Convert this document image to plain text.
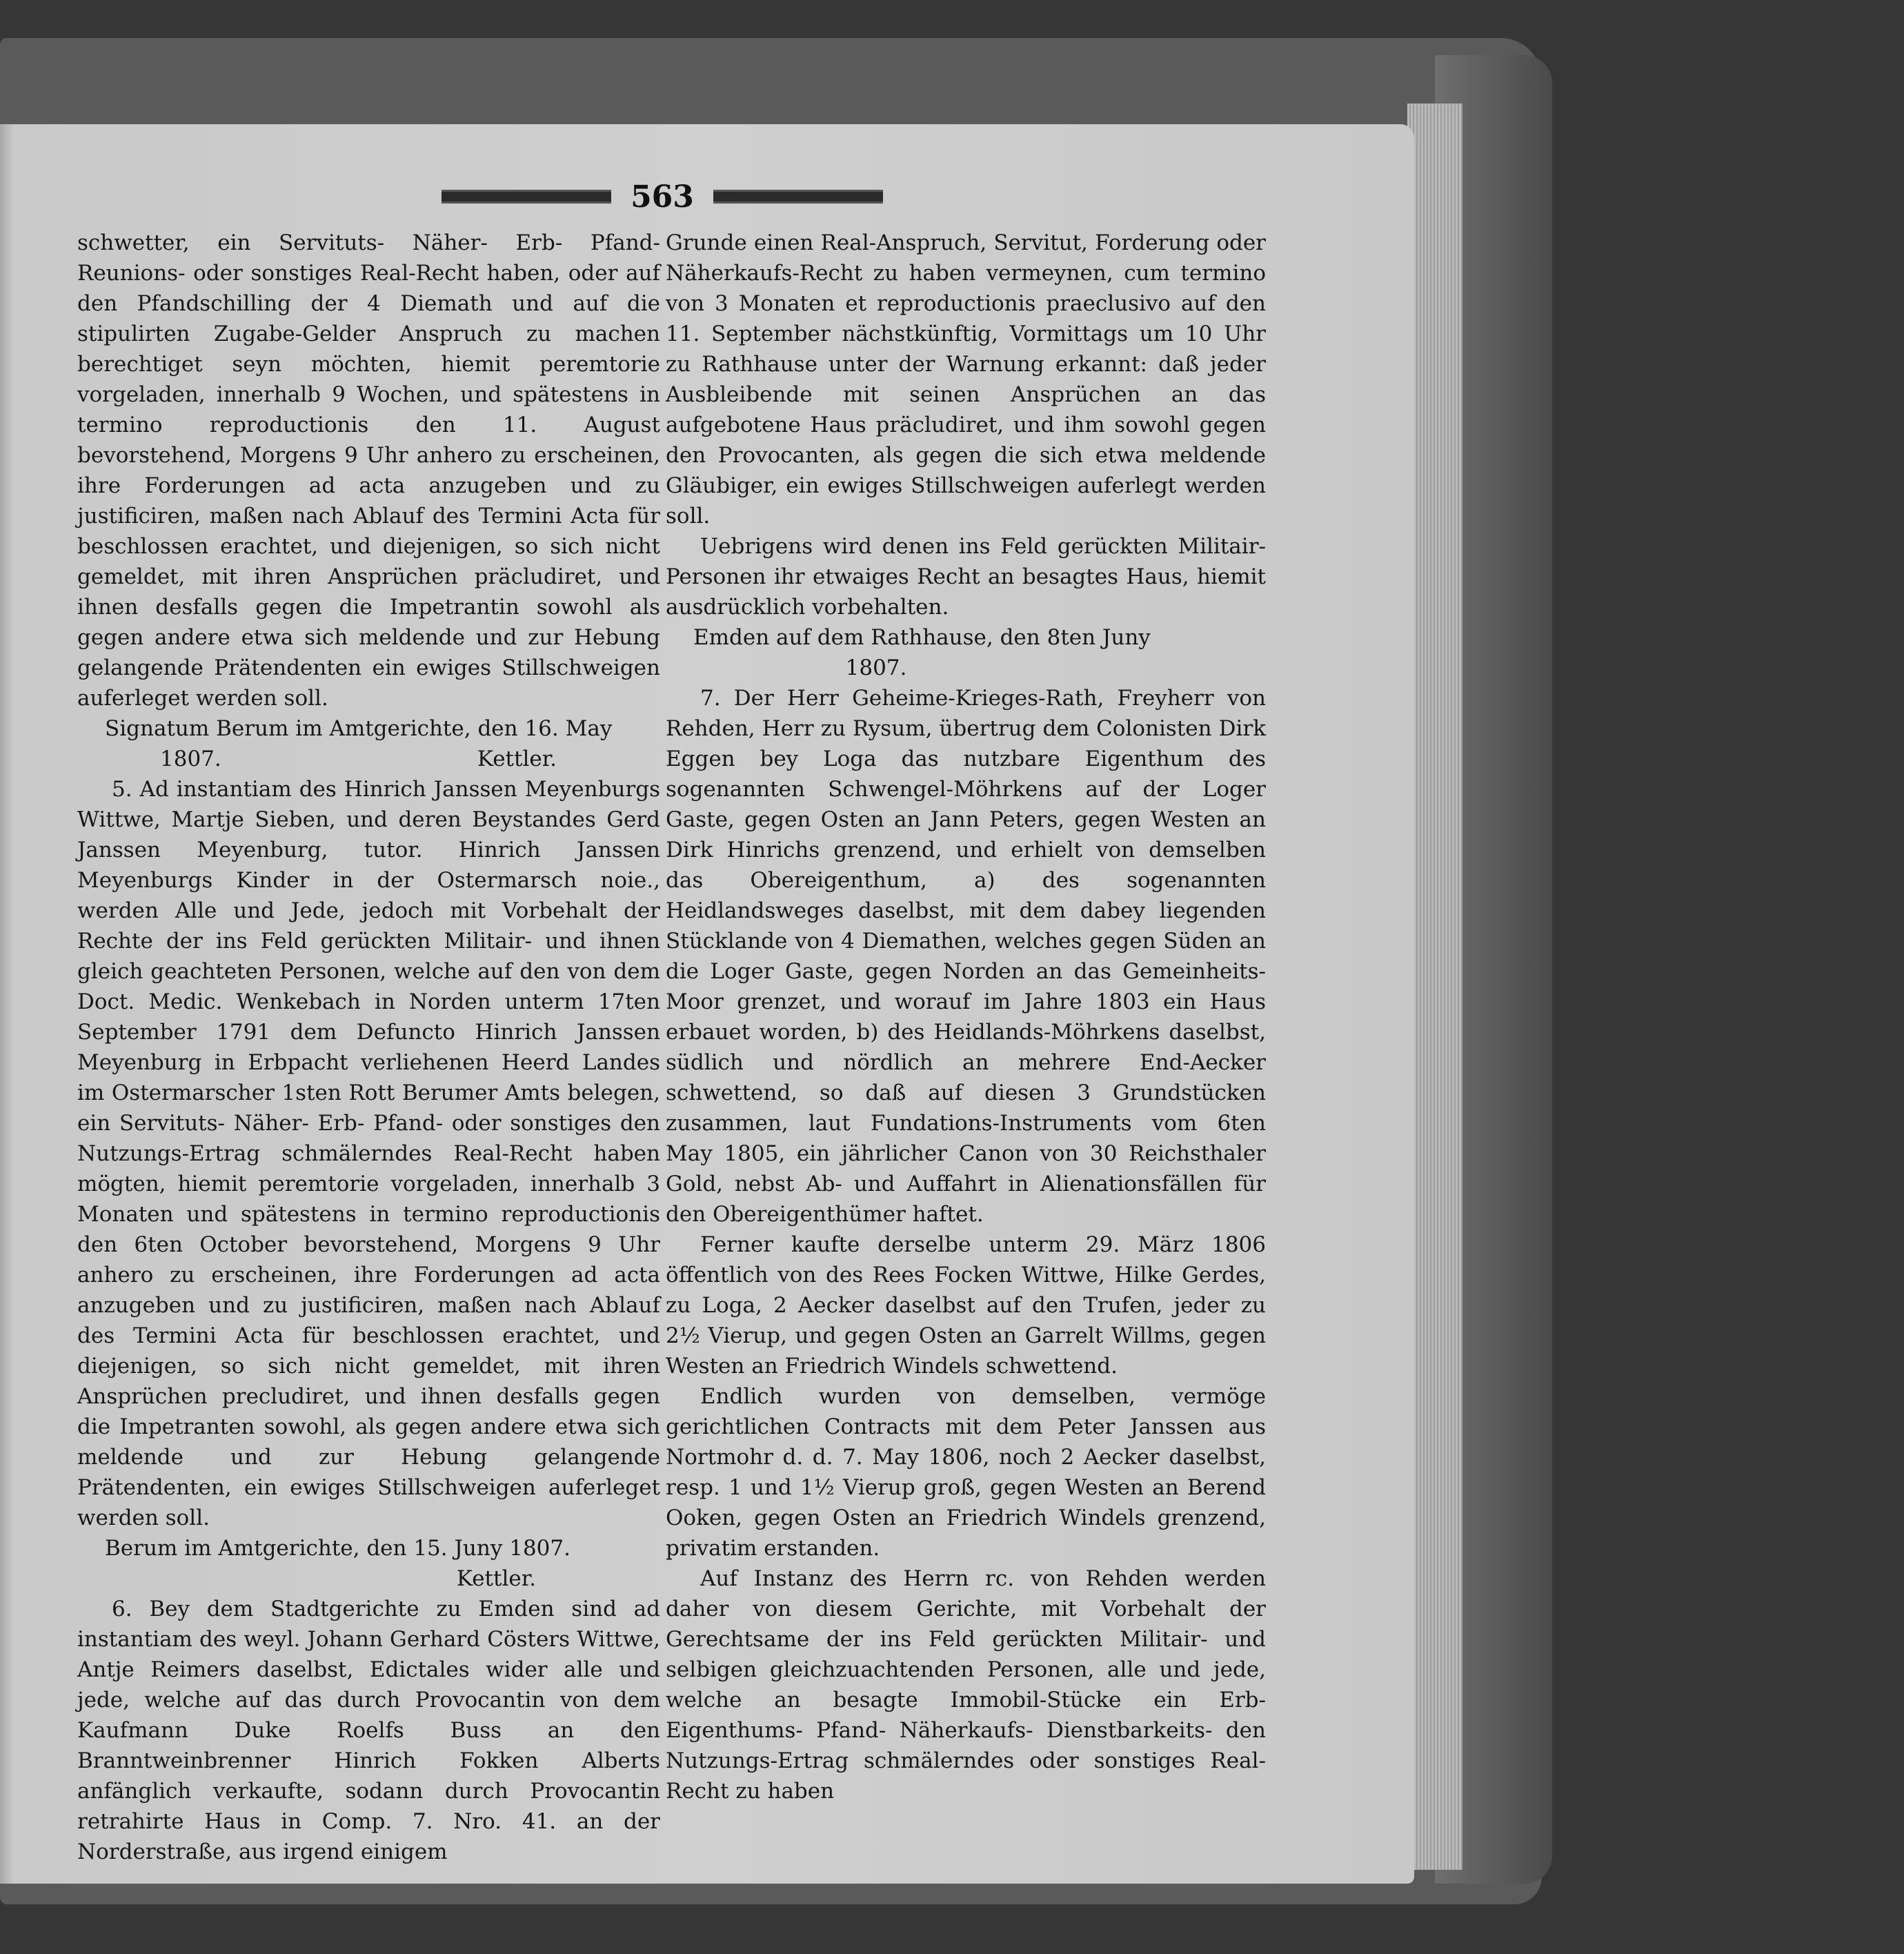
563

schwetter, ein Servituts- Näher- Erb- Pfand- Reunions- oder sonstiges Real-Recht haben, oder auf den Pfandschilling der 4 Diemath und auf die stipulirten Zugabe-Gelder Anspruch zu machen berechtiget seyn möchten, hiemit peremtorie vorgeladen, innerhalb 9 Wochen, und spätestens in termino reproductionis den 11. August bevorstehend, Morgens 9 Uhr anhero zu erscheinen, ihre Forderungen ad acta anzugeben und zu justificiren, maßen nach Ablauf des Termini Acta für beschlossen erachtet, und diejenigen, so sich nicht gemeldet, mit ihren Ansprüchen präcludiret, und ihnen desfalls gegen die Impetrantin sowohl als gegen andere etwa sich meldende und zur Hebung gelangende Prätendenten ein ewiges Stillschweigen auferleget werden soll.

Signatum Berum im Amtgerichte, den 16. May

1807.	Kettler.

5. Ad instantiam des Hinrich Janssen Meyenburgs Wittwe, Martje Sieben, und deren Beystandes Gerd Janssen Meyenburg, tutor. Hinrich Janssen Meyenburgs Kinder in der Ostermarsch noie., werden Alle und Jede, jedoch mit Vorbehalt der Rechte der ins Feld gerückten Militair- und ihnen gleich geachteten Personen, welche auf den von dem Doct. Medic. Wenkebach in Norden unterm 17ten September 1791 dem Defuncto Hinrich Janssen Meyenburg in Erbpacht verliehenen Heerd Landes im Ostermarscher 1sten Rott Berumer Amts belegen, ein Servituts- Näher- Erb- Pfand- oder sonstiges den Nutzungs-Ertrag schmälerndes Real-Recht haben mögten, hiemit peremtorie vorgeladen, innerhalb 3 Monaten und spätestens in termino reproductionis den 6ten October bevorstehend, Morgens 9 Uhr anhero zu erscheinen, ihre Forderungen ad acta anzugeben und zu justificiren, maßen nach Ablauf des Termini Acta für beschlossen erachtet, und diejenigen, so sich nicht gemeldet, mit ihren Ansprüchen precludiret, und ihnen desfalls gegen die Impetranten sowohl, als gegen andere etwa sich meldende und zur Hebung gelangende Prätendenten, ein ewiges Stillschweigen auferleget werden soll.

Berum im Amtgerichte, den 15. Juny 1807.

Kettler.

6. Bey dem Stadtgerichte zu Emden sind ad instantiam des weyl. Johann Gerhard Cösters Wittwe, Antje Reimers daselbst, Edictales wider alle und jede, welche auf das durch Provocantin von dem Kaufmann Duke Roelfs Buss an den Branntweinbrenner Hinrich Fokken Alberts anfänglich verkaufte, sodann durch Provocantin retrahirte Haus in Comp. 7. Nro. 41. an der Norderstraße, aus irgend einigem

Grunde einen Real-Anspruch, Servitut, Forderung oder Näherkaufs-Recht zu haben vermeynen, cum termino von 3 Monaten et reproductionis praeclusivo auf den 11. September nächstkünftig, Vormittags um 10 Uhr zu Rathhause unter der Warnung erkannt: daß jeder Ausbleibende mit seinen Ansprüchen an das aufgebotene Haus präcludiret, und ihm sowohl gegen den Provocanten, als gegen die sich etwa meldende Gläubiger, ein ewiges Stillschweigen auferlegt werden soll.

Uebrigens wird denen ins Feld gerückten Militair-Personen ihr etwaiges Recht an besagtes Haus, hiemit ausdrücklich vorbehalten.

Emden auf dem Rathhause, den 8ten Juny

1807.

7. Der Herr Geheime-Krieges-Rath, Freyherr von Rehden, Herr zu Rysum, übertrug dem Colonisten Dirk Eggen bey Loga das nutzbare Eigenthum des sogenannten Schwengel-Möhrkens auf der Loger Gaste, gegen Osten an Jann Peters, gegen Westen an Dirk Hinrichs grenzend, und erhielt von demselben das Obereigenthum, a) des sogenannten Heidlandsweges daselbst, mit dem dabey liegenden Stücklande von 4 Diemathen, welches gegen Süden an die Loger Gaste, gegen Norden an das Gemeinheits-Moor grenzet, und worauf im Jahre 1803 ein Haus erbauet worden, b) des Heidlands-Möhrkens daselbst, südlich und nördlich an mehrere End-Aecker schwettend, so daß auf diesen 3 Grundstücken zusammen, laut Fundations-Instruments vom 6ten May 1805, ein jährlicher Canon von 30 Reichsthaler Gold, nebst Ab- und Auffahrt in Alienationsfällen für den Obereigenthümer haftet.

Ferner kaufte derselbe unterm 29. März 1806 öffentlich von des Rees Focken Wittwe, Hilke Gerdes, zu Loga, 2 Aecker daselbst auf den Trufen, jeder zu 2½ Vierup, und gegen Osten an Garrelt Willms, gegen Westen an Friedrich Windels schwettend.

Endlich wurden von demselben, vermöge gerichtlichen Contracts mit dem Peter Janssen aus Nortmohr d. d. 7. May 1806, noch 2 Aecker daselbst, resp. 1 und 1½ Vierup groß, gegen Westen an Berend Ooken, gegen Osten an Friedrich Windels grenzend, privatim erstanden.

Auf Instanz des Herrn rc. von Rehden werden daher von diesem Gerichte, mit Vorbehalt der Gerechtsame der ins Feld gerückten Militair- und selbigen gleichzuachtenden Personen, alle und jede, welche an besagte Immobil-Stücke ein Erb- Eigenthums- Pfand- Näherkaufs- Dienstbarkeits- den Nutzungs-Ertrag schmälerndes oder sonstiges Real-Recht zu haben
